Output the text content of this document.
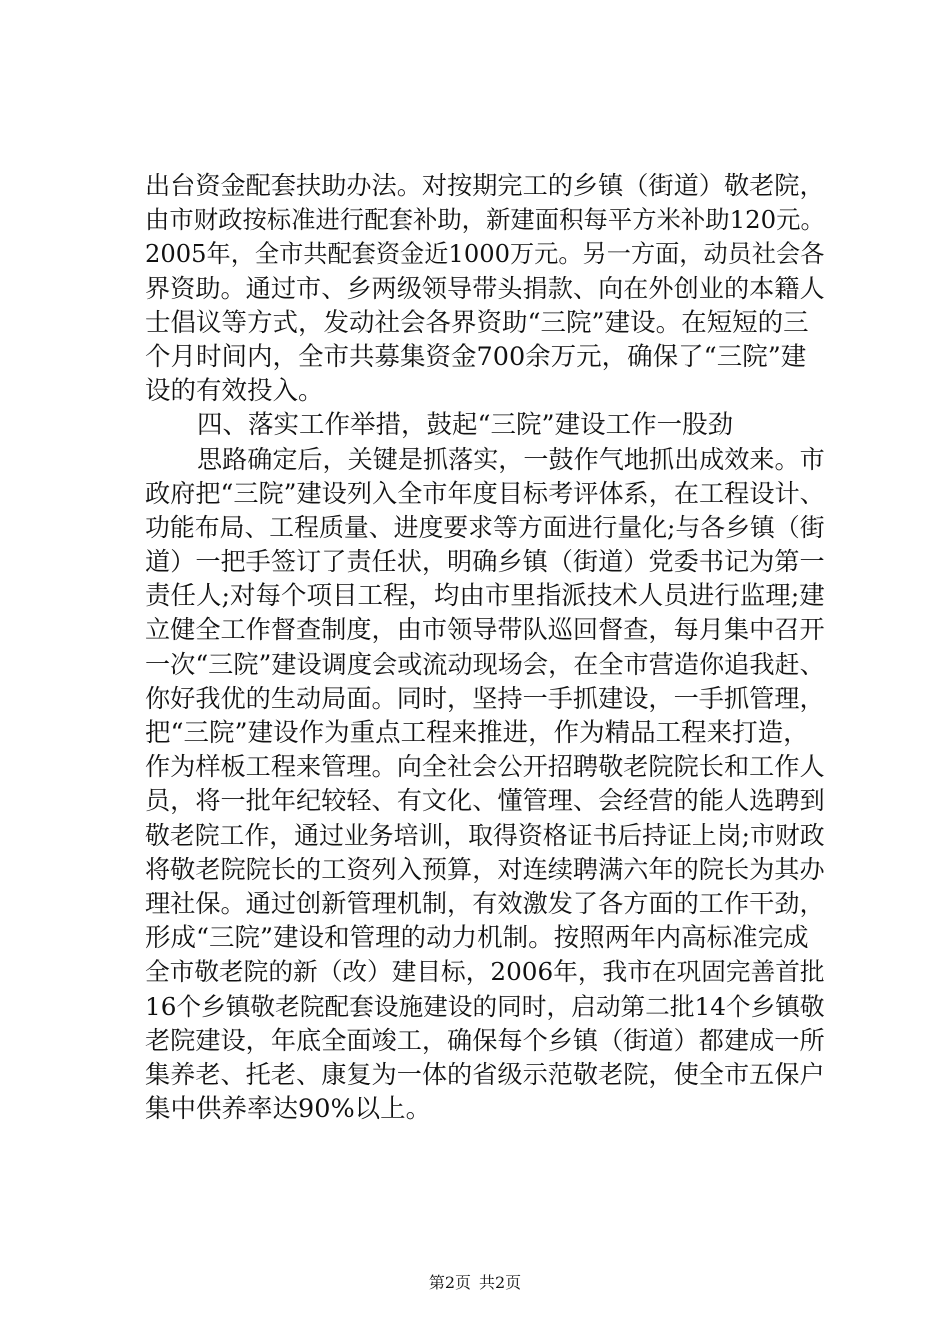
出台资金配套扶助办法。对按期完工的乡镇（街道）敬老院，
由市财政按标准进行配套补助，新建面积每平方米补助120元。
2005年，全市共配套资金近1000万元。另一方面，动员社会各
界资助。通过市、乡两级领导带头捐款、向在外创业的本籍人
士倡议等方式，发动社会各界资助“三院”建设。在短短的三
个月时间内，全市共募集资金700余万元，确保了“三院”建
设的有效投入。
四、落实工作举措，鼓起“三院”建设工作一股劲
思路确定后，关键是抓落实，一鼓作气地抓出成效来。市
政府把“三院”建设列入全市年度目标考评体系，在工程设计、
功能布局、工程质量、进度要求等方面进行量化;与各乡镇（街
道）一把手签订了责任状，明确乡镇（街道）党委书记为第一
责任人;对每个项目工程，均由市里指派技术人员进行监理;建
立健全工作督查制度，由市领导带队巡回督查，每月集中召开
一次“三院”建设调度会或流动现场会，在全市营造你追我赶、
你好我优的生动局面。同时，坚持一手抓建设，一手抓管理，
把“三院”建设作为重点工程来推进，作为精品工程来打造，
作为样板工程来管理。向全社会公开招聘敬老院院长和工作人
员，将一批年纪较轻、有文化、懂管理、会经营的能人选聘到
敬老院工作，通过业务培训，取得资格证书后持证上岗;市财政
将敬老院院长的工资列入预算，对连续聘满六年的院长为其办
理社保。通过创新管理机制，有效激发了各方面的工作干劲，
形成“三院”建设和管理的动力机制。按照两年内高标准完成
全市敬老院的新（改）建目标，2006年，我市在巩固完善首批
16个乡镇敬老院配套设施建设的同时，启动第二批14个乡镇敬
老院建设，年底全面竣工，确保每个乡镇（街道）都建成一所
集养老、托老、康复为一体的省级示范敬老院，使全市五保户
集中供养率达90%以上。
第2页 共2页
